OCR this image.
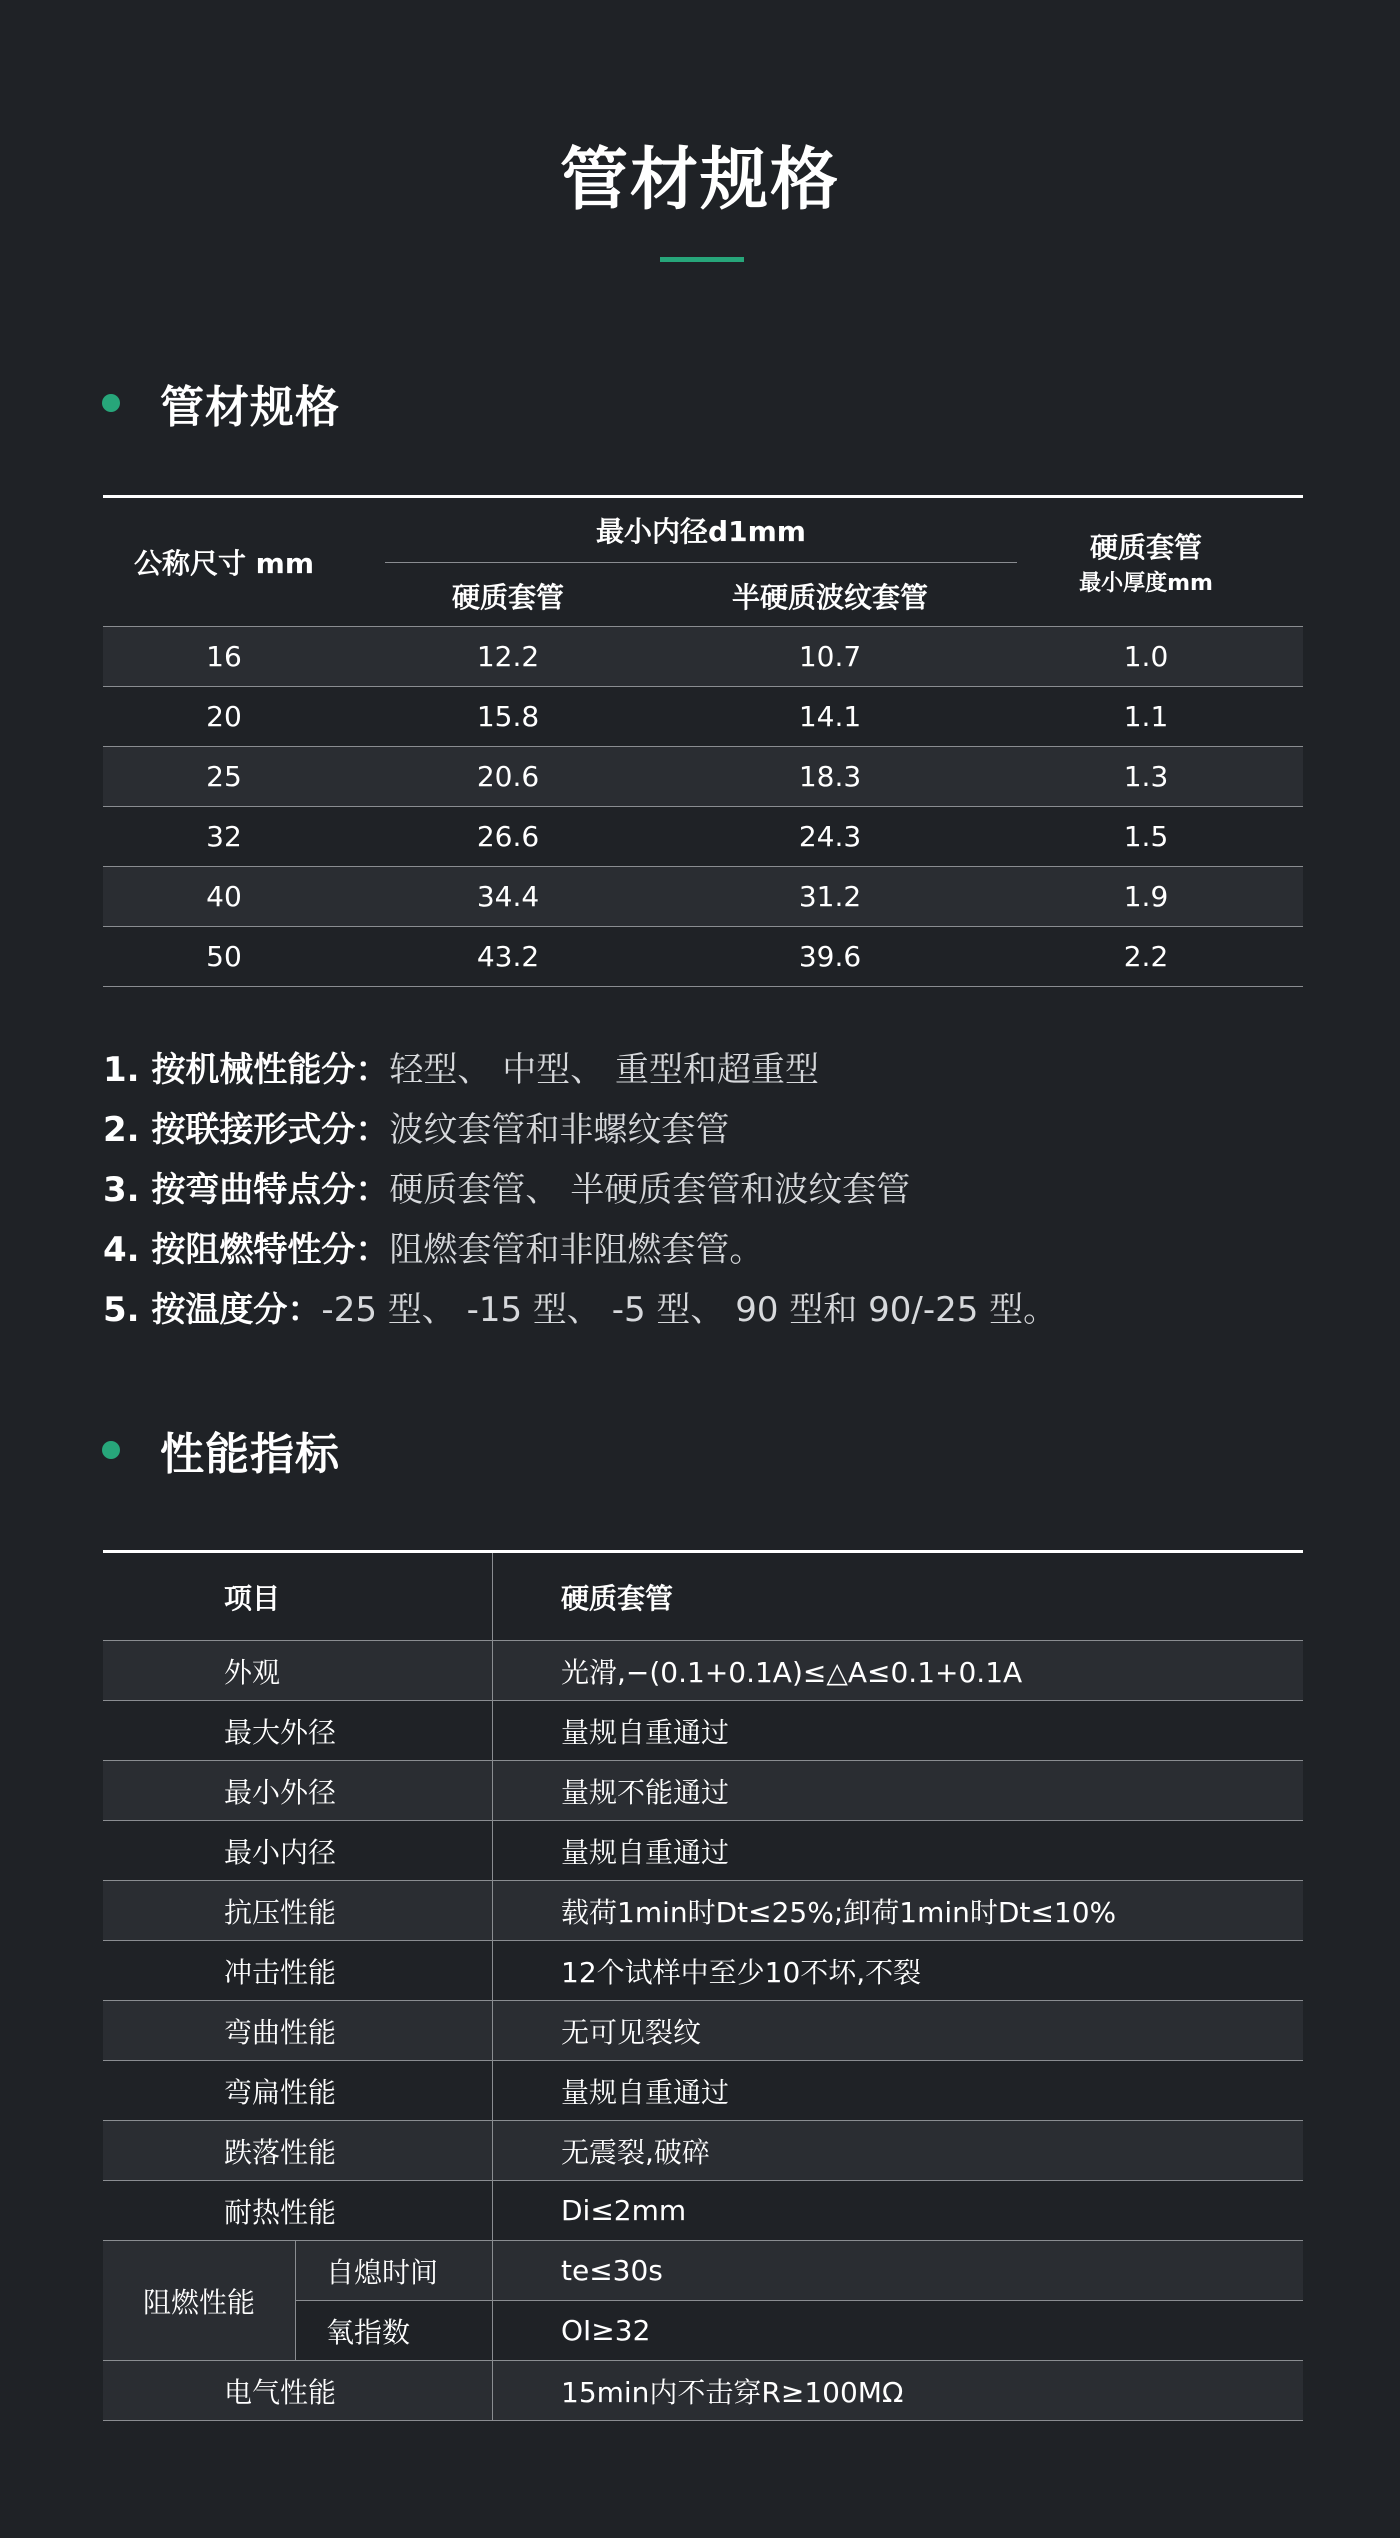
管材规格
管材规格
公称尺寸 mm
最小内径d1mm
硬质套管	半硬质波纹套管
硬质套管
最小厚度mm
16	12.2	10.7	1.0
20	15.8	14.1	1.1
25	20.6	18.3	1.3
32	26.6	24.3	1.5
40	34.4	31.2	1.9
50	43.2	39.6	2.2
1. 按机械性能分：轻型、 中型、 重型和超重型
2. 按联接形式分：波纹套管和非螺纹套管
3. 按弯曲特点分：硬质套管、 半硬质套管和波纹套管
4. 按阻燃特性分：阻燃套管和非阻燃套管。
5. 按温度分：-25 型、 -15 型、 -5 型、 90 型和 90/-25 型。
性能指标
项目		硬质套管
外观		光滑,−(0.1+0.1A)≤△A≤0.1+0.1A
最大外径		量规自重通过
最小外径		量规不能通过
最小内径		量规自重通过
抗压性能		载荷1min时Dt≤25%;卸荷1min时Dt≤10%
冲击性能		12个试样中至少10不坏,不裂
弯曲性能		无可见裂纹
弯扁性能		量规自重通过
跌落性能		无震裂,破碎
耐热性能		Di≤2mm
阻燃性能	自熄时间	te≤30s
	氧指数	OI≥32
电气性能		15min内不击穿R≥100MΩ
